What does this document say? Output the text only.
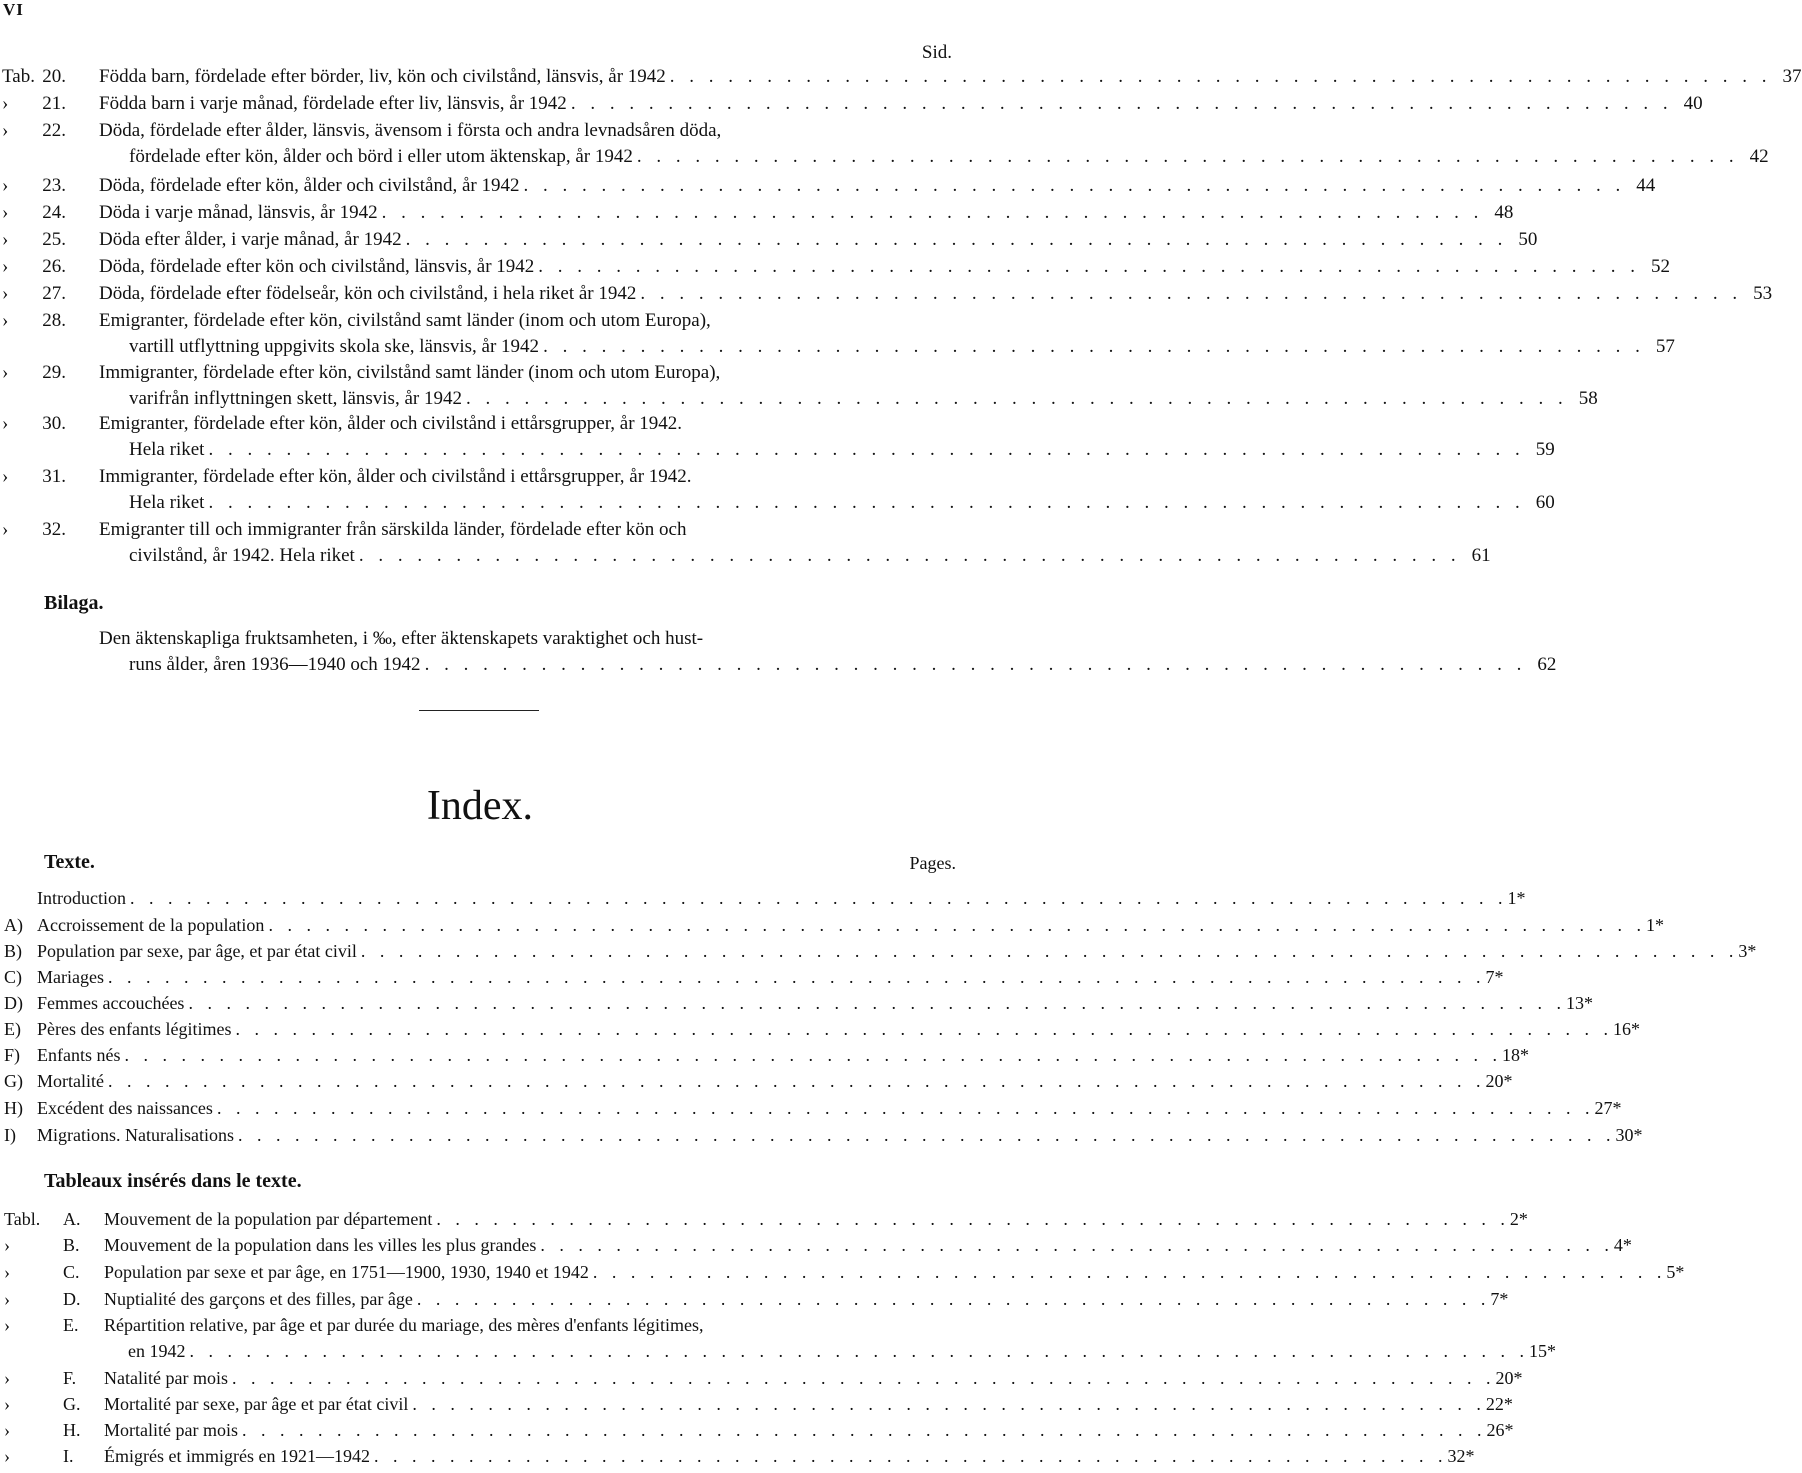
VI
Sid.
Tab. 20. Födda barn, fördelade efter börder, liv, kön och civilstånd, länsvis, år 1942 . . . . . . . . . . . . . . . . . . . . . . . . . . . . . . . . . . . . . . . . . . . . . . . . . . . . . . . . . 37
› 21. Födda barn i varje månad, fördelade efter liv, länsvis, år 1942 . . . . . . . . . . . . . . . . . . . . . . . . . . . . . . . . . . . . . . . . . . . . . . . . . . . . . . . . . 40
› 22. Döda, fördelade efter ålder, länsvis, ävensom i första och andra levnadsåren döda,
fördelade efter kön, ålder och börd i eller utom äktenskap, år 1942 . . . . . . . . . . . . . . . . . . . . . . . . . . . . . . . . . . . . . . . . . . . . . . . . . . . . . . . . . 42
› 23. Döda, fördelade efter kön, ålder och civilstånd, år 1942 . . . . . . . . . . . . . . . . . . . . . . . . . . . . . . . . . . . . . . . . . . . . . . . . . . . . . . . . . 44
› 24. Döda i varje månad, länsvis, år 1942 . . . . . . . . . . . . . . . . . . . . . . . . . . . . . . . . . . . . . . . . . . . . . . . . . . . . . . . . . 48
› 25. Döda efter ålder, i varje månad, år 1942 . . . . . . . . . . . . . . . . . . . . . . . . . . . . . . . . . . . . . . . . . . . . . . . . . . . . . . . . . 50
› 26. Döda, fördelade efter kön och civilstånd, länsvis, år 1942 . . . . . . . . . . . . . . . . . . . . . . . . . . . . . . . . . . . . . . . . . . . . . . . . . . . . . . . . . 52
› 27. Döda, fördelade efter födelseår, kön och civilstånd, i hela riket år 1942 . . . . . . . . . . . . . . . . . . . . . . . . . . . . . . . . . . . . . . . . . . . . . . . . . . . . . . . . . 53
› 28. Emigranter, fördelade efter kön, civilstånd samt länder (inom och utom Europa),
vartill utflyttning uppgivits skola ske, länsvis, år 1942 . . . . . . . . . . . . . . . . . . . . . . . . . . . . . . . . . . . . . . . . . . . . . . . . . . . . . . . . . 57
› 29. Immigranter, fördelade efter kön, civilstånd samt länder (inom och utom Europa),
varifrån inflyttningen skett, länsvis, år 1942 . . . . . . . . . . . . . . . . . . . . . . . . . . . . . . . . . . . . . . . . . . . . . . . . . . . . . . . . . 58
› 30. Emigranter, fördelade efter kön, ålder och civilstånd i ettårsgrupper, år 1942.
Hela riket . . . . . . . . . . . . . . . . . . . . . . . . . . . . . . . . . . . . . . . . . . . . . . . . . . . . . . . . . . . . . . . . . . . . 59
› 31. Immigranter, fördelade efter kön, ålder och civilstånd i ettårsgrupper, år 1942.
Hela riket . . . . . . . . . . . . . . . . . . . . . . . . . . . . . . . . . . . . . . . . . . . . . . . . . . . . . . . . . . . . . . . . . . . . 60
› 32. Emigranter till och immigranter från särskilda länder, fördelade efter kön och
civilstånd, år 1942. Hela riket . . . . . . . . . . . . . . . . . . . . . . . . . . . . . . . . . . . . . . . . . . . . . . . . . . . . . . . . . 61
Bilaga.
Den äktenskapliga fruktsamheten, i ‰, efter äktenskapets varaktighet och hust-
runs ålder, åren 1936—1940 och 1942 . . . . . . . . . . . . . . . . . . . . . . . . . . . . . . . . . . . . . . . . . . . . . . . . . . . . . . . . . 62
Index.
Texte.	Pages.
Introduction . . . . . . . . . . . . . . . . . . . . . . . . . . . . . . . . . . . . . . . . . . . . . . . . . . . . . . . . . . . . . . . . . . . . . . . . . 1*
A) Accroissement de la population . . . . . . . . . . . . . . . . . . . . . . . . . . . . . . . . . . . . . . . . . . . . . . . . . . . . . . . . . . . . . . . . . . . . . . . . . 1*
B) Population par sexe, par âge, et par état civil . . . . . . . . . . . . . . . . . . . . . . . . . . . . . . . . . . . . . . . . . . . . . . . . . . . . . . . . . . . . . . . . . . . . . . . . . 3*
C) Mariages . . . . . . . . . . . . . . . . . . . . . . . . . . . . . . . . . . . . . . . . . . . . . . . . . . . . . . . . . . . . . . . . . . . . . . . . . 7*
D) Femmes accouchées . . . . . . . . . . . . . . . . . . . . . . . . . . . . . . . . . . . . . . . . . . . . . . . . . . . . . . . . . . . . . . . . . . . . . . . . . 13*
E) Pères des enfants légitimes . . . . . . . . . . . . . . . . . . . . . . . . . . . . . . . . . . . . . . . . . . . . . . . . . . . . . . . . . . . . . . . . . . . . . . . . . 16*
F) Enfants nés . . . . . . . . . . . . . . . . . . . . . . . . . . . . . . . . . . . . . . . . . . . . . . . . . . . . . . . . . . . . . . . . . . . . . . . . . 18*
G) Mortalité . . . . . . . . . . . . . . . . . . . . . . . . . . . . . . . . . . . . . . . . . . . . . . . . . . . . . . . . . . . . . . . . . . . . . . . . . 20*
H) Excédent des naissances . . . . . . . . . . . . . . . . . . . . . . . . . . . . . . . . . . . . . . . . . . . . . . . . . . . . . . . . . . . . . . . . . . . . . . . . . 27*
I) Migrations. Naturalisations . . . . . . . . . . . . . . . . . . . . . . . . . . . . . . . . . . . . . . . . . . . . . . . . . . . . . . . . . . . . . . . . . . . . . . . . . 30*
Tableaux insérés dans le texte.
Tabl. A. Mouvement de la population par département . . . . . . . . . . . . . . . . . . . . . . . . . . . . . . . . . . . . . . . . . . . . . . . . . . . . . . . . . 2*
›	B. Mouvement de la population dans les villes les plus grandes . . . . . . . . . . . . . . . . . . . . . . . . . . . . . . . . . . . . . . . . . . . . . . . . . . . . . . . . . 4*
›	C. Population par sexe et par âge, en 1751—1900, 1930, 1940 et 1942 . . . . . . . . . . . . . . . . . . . . . . . . . . . . . . . . . . . . . . . . . . . . . . . . . . . . . . . . . 5*
›	D. Nuptialité des garçons et des filles, par âge . . . . . . . . . . . . . . . . . . . . . . . . . . . . . . . . . . . . . . . . . . . . . . . . . . . . . . . . . 7*
›	E. Répartition relative, par âge et par durée du mariage, des mères d'enfants légitimes,
en 1942 . . . . . . . . . . . . . . . . . . . . . . . . . . . . . . . . . . . . . . . . . . . . . . . . . . . . . . . . . . . . . . . . . . . . . . . 15*
›	F. Natalité par mois . . . . . . . . . . . . . . . . . . . . . . . . . . . . . . . . . . . . . . . . . . . . . . . . . . . . . . . . . . . . . . . . . . . 20*
›	G. Mortalité par sexe, par âge et par état civil . . . . . . . . . . . . . . . . . . . . . . . . . . . . . . . . . . . . . . . . . . . . . . . . . . . . . . . . . 22*
›	H. Mortalité par mois . . . . . . . . . . . . . . . . . . . . . . . . . . . . . . . . . . . . . . . . . . . . . . . . . . . . . . . . . . . . . . . . . . 26*
›	I. Émigrés et immigrés en 1921—1942 . . . . . . . . . . . . . . . . . . . . . . . . . . . . . . . . . . . . . . . . . . . . . . . . . . . . . . . . . 32*
